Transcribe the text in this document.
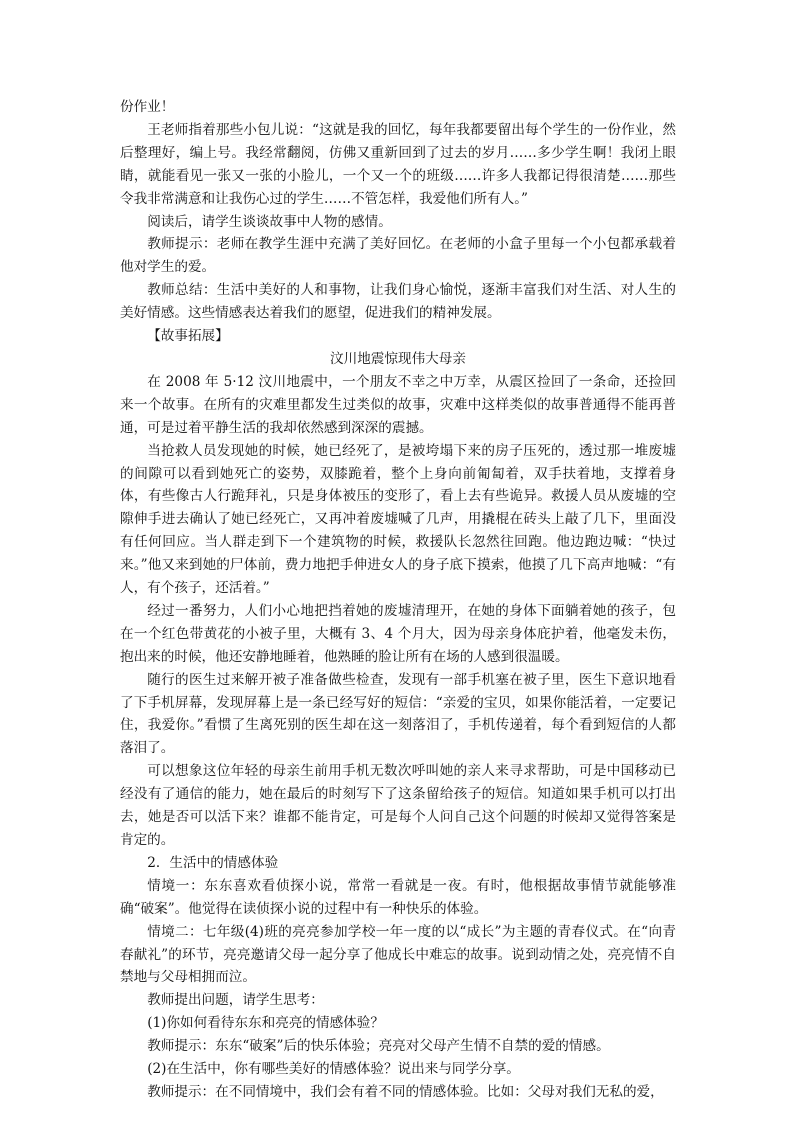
份作业！

王老师指着那些小包儿说：“这就是我的回忆，每年我都要留出每个学生的一份作业，然后整理好，编上号。我经常翻阅，仿佛又重新回到了过去的岁月……多少学生啊！我闭上眼睛，就能看见一张又一张的小脸儿，一个又一个的班级……许多人我都记得很清楚……那些令我非常满意和让我伤心过的学生……不管怎样，我爱他们所有人。”

阅读后，请学生谈谈故事中人物的感情。

教师提示：老师在教学生涯中充满了美好回忆。在老师的小盒子里每一个小包都承载着他对学生的爱。

教师总结：生活中美好的人和事物，让我们身心愉悦，逐渐丰富我们对生活、对人生的美好情感。这些情感表达着我们的愿望，促进我们的精神发展。

【故事拓展】

汶川地震惊现伟大母亲

在 2008 年 5·12 汶川地震中，一个朋友不幸之中万幸，从震区捡回了一条命，还捡回来一个故事。在所有的灾难里都发生过类似的故事，灾难中这样类似的故事普通得不能再普通，可是过着平静生活的我却依然感到深深的震撼。

当抢救人员发现她的时候，她已经死了，是被垮塌下来的房子压死的，透过那一堆废墟的间隙可以看到她死亡的姿势，双膝跪着，整个上身向前匍匐着，双手扶着地，支撑着身体，有些像古人行跪拜礼，只是身体被压的变形了，看上去有些诡异。救援人员从废墟的空隙伸手进去确认了她已经死亡，又再冲着废墟喊了几声，用撬棍在砖头上敲了几下，里面没有任何回应。当人群走到下一个建筑物的时候，救援队长忽然往回跑。他边跑边喊：“快过来。”他又来到她的尸体前，费力地把手伸进女人的身子底下摸索，他摸了几下高声地喊：“有人，有个孩子，还活着。”

经过一番努力，人们小心地把挡着她的废墟清理开，在她的身体下面躺着她的孩子，包在一个红色带黄花的小被子里，大概有 3、4 个月大，因为母亲身体庇护着，他毫发未伤，抱出来的时候，他还安静地睡着，他熟睡的脸让所有在场的人感到很温暖。

随行的医生过来解开被子准备做些检查，发现有一部手机塞在被子里，医生下意识地看了下手机屏幕，发现屏幕上是一条已经写好的短信：“亲爱的宝贝，如果你能活着，一定要记住，我爱你。”看惯了生离死别的医生却在这一刻落泪了，手机传递着，每个看到短信的人都落泪了。

可以想象这位年轻的母亲生前用手机无数次呼叫她的亲人来寻求帮助，可是中国移动已经没有了通信的能力，她在最后的时刻写下了这条留给孩子的短信。知道如果手机可以打出去，她是否可以活下来？谁都不能肯定，可是每个人问自己这个问题的时候却又觉得答案是肯定的。

2．生活中的情感体验

情境一：东东喜欢看侦探小说，常常一看就是一夜。有时，他根据故事情节就能够准确“破案”。他觉得在读侦探小说的过程中有一种快乐的体验。

情境二：七年级(4)班的亮亮参加学校一年一度的以“成长”为主题的青春仪式。在“向青春献礼”的环节，亮亮邀请父母一起分享了他成长中难忘的故事。说到动情之处，亮亮情不自禁地与父母相拥而泣。

教师提出问题，请学生思考：

(1)你如何看待东东和亮亮的情感体验？

教师提示：东东“破案”后的快乐体验；亮亮对父母产生情不自禁的爱的情感。

(2)在生活中，你有哪些美好的情感体验？说出来与同学分享。

教师提示：在不同情境中，我们会有着不同的情感体验。比如：父母对我们无私的爱，
